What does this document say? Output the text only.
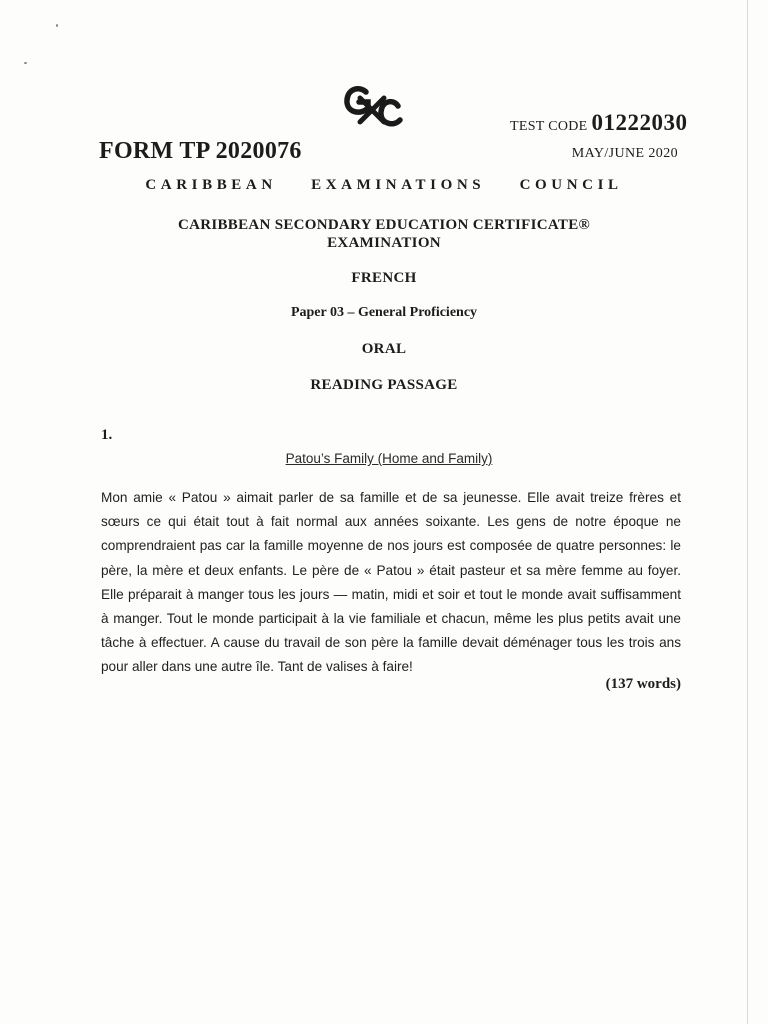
TEST CODE 01222030
FORM TP 2020076	MAY/JUNE 2020
CARIBBEAN EXAMINATIONS COUNCIL
CARIBBEAN SECONDARY EDUCATION CERTIFICATE®
EXAMINATION
FRENCH
Paper 03 – General Proficiency
ORAL
READING PASSAGE
1.
Patou’s Family (Home and Family)

Mon amie « Patou » aimait parler de sa famille et de sa jeunesse. Elle avait treize frères et sœurs ce qui était tout à fait normal aux années soixante. Les gens de notre époque ne comprendraient pas car la famille moyenne de nos jours est composée de quatre personnes: le père, la mère et deux enfants. Le père de « Patou » était pasteur et sa mère femme au foyer. Elle préparait à manger tous les jours — matin, midi et soir et tout le monde avait suffisamment à manger. Tout le monde participait à la vie familiale et chacun, même les plus petits avait une tâche à effectuer. A cause du travail de son père la famille devait déménager tous les trois ans pour aller dans une autre île. Tant de valises à faire!

(137 words)
